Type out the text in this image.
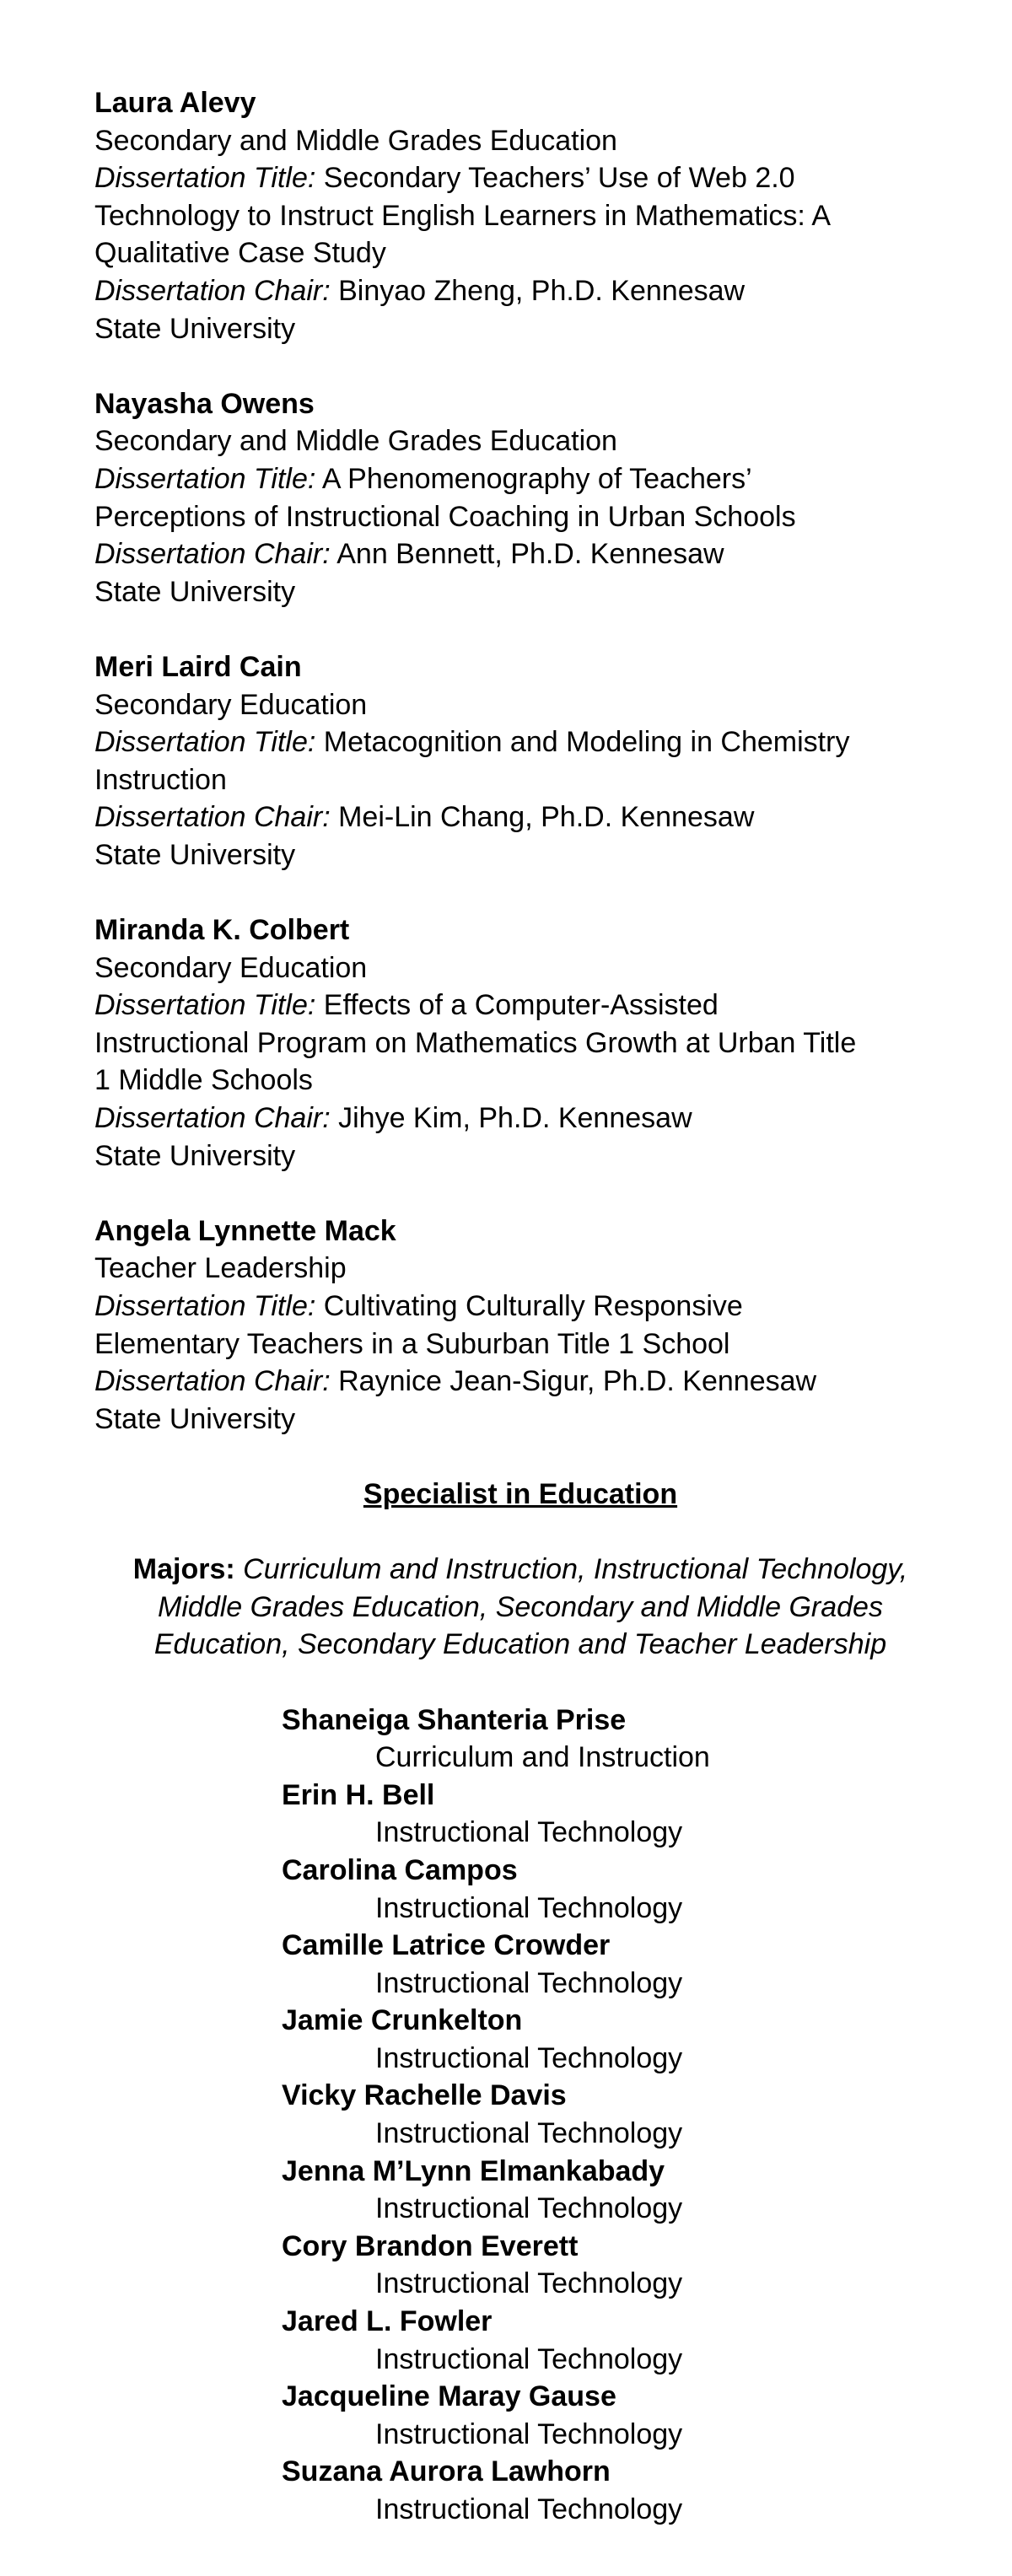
Laura Alevy
Secondary and Middle Grades Education
Dissertation Title: Secondary Teachers’ Use of Web 2.0
Technology to Instruct English Learners in Mathematics: A
Qualitative Case Study
Dissertation Chair: Binyao Zheng, Ph.D. Kennesaw
State University
Nayasha Owens
Secondary and Middle Grades Education
Dissertation Title: A Phenomenography of Teachers’
Perceptions of Instructional Coaching in Urban Schools
Dissertation Chair: Ann Bennett, Ph.D. Kennesaw
State University
Meri Laird Cain
Secondary Education
Dissertation Title: Metacognition and Modeling in Chemistry
Instruction
Dissertation Chair: Mei-Lin Chang, Ph.D. Kennesaw
State University
Miranda K. Colbert
Secondary Education
Dissertation Title: Effects of a Computer-Assisted
Instructional Program on Mathematics Growth at Urban Title
1 Middle Schools
Dissertation Chair: Jihye Kim, Ph.D. Kennesaw
State University
Angela Lynnette Mack
Teacher Leadership
Dissertation Title: Cultivating Culturally Responsive
Elementary Teachers in a Suburban Title 1 School
Dissertation Chair: Raynice Jean-Sigur, Ph.D. Kennesaw
State University
Specialist in Education
Majors: Curriculum and Instruction, Instructional Technology,
Middle Grades Education, Secondary and Middle Grades
Education, Secondary Education and Teacher Leadership
Shaneiga Shanteria Prise
Curriculum and Instruction
Erin H. Bell
Instructional Technology
Carolina Campos
Instructional Technology
Camille Latrice Crowder
Instructional Technology
Jamie Crunkelton
Instructional Technology
Vicky Rachelle Davis
Instructional Technology
Jenna M’Lynn Elmankabady
Instructional Technology
Cory Brandon Everett
Instructional Technology
Jared L. Fowler
Instructional Technology
Jacqueline Maray Gause
Instructional Technology
Suzana Aurora Lawhorn
Instructional Technology
